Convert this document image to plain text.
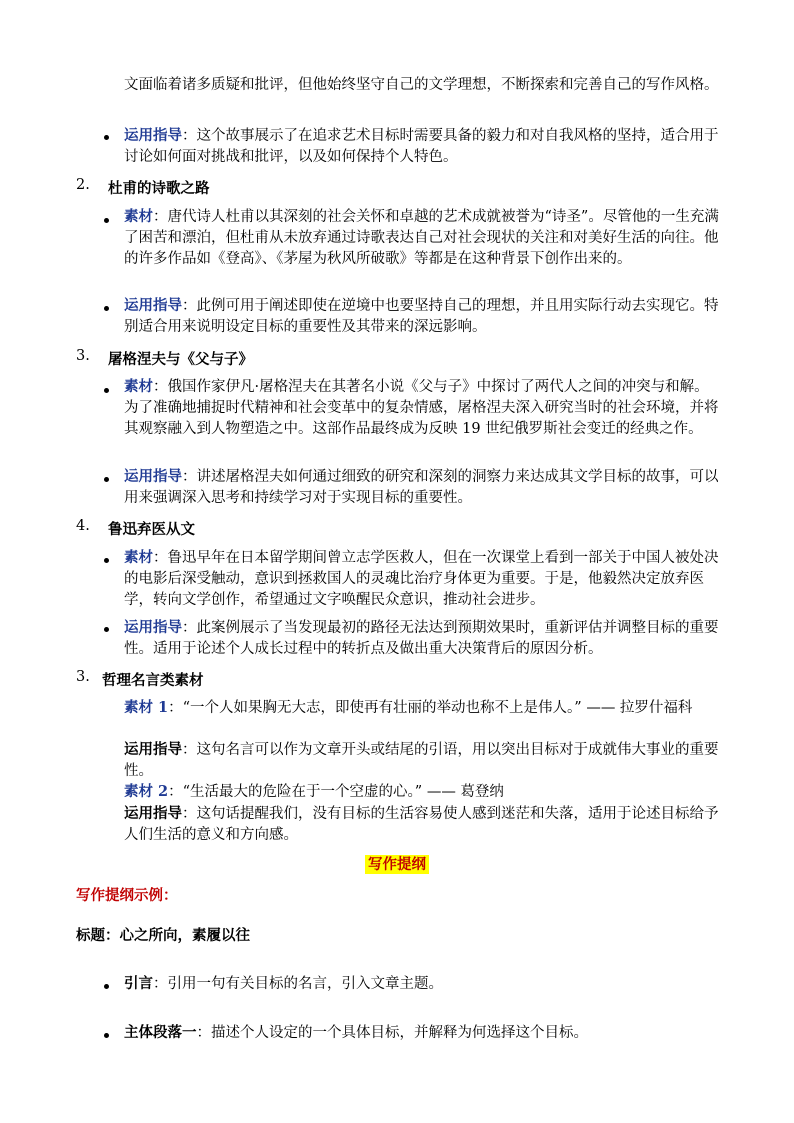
文面临着诸多质疑和批评，但他始终坚守自己的文学理想，不断探索和完善自己的写作风格。
运用指导：这个故事展示了在追求艺术目标时需要具备的毅力和对自我风格的坚持，适合用于讨论如何面对挑战和批评，以及如何保持个人特色。
2. 杜甫的诗歌之路
素材：唐代诗人杜甫以其深刻的社会关怀和卓越的艺术成就被誉为“诗圣”。尽管他的一生充满了困苦和漂泊，但杜甫从未放弃通过诗歌表达自己对社会现状的关注和对美好生活的向往。他的许多作品如《登高》、《茅屋为秋风所破歌》等都是在这种背景下创作出来的。
运用指导：此例可用于阐述即使在逆境中也要坚持自己的理想，并且用实际行动去实现它。特别适合用来说明设定目标的重要性及其带来的深远影响。
3. 屠格涅夫与《父与子》
素材：俄国作家伊凡·屠格涅夫在其著名小说《父与子》中探讨了两代人之间的冲突与和解。为了准确地捕捉时代精神和社会变革中的复杂情感，屠格涅夫深入研究当时的社会环境，并将其观察融入到人物塑造之中。这部作品最终成为反映 19 世纪俄罗斯社会变迁的经典之作。
运用指导：讲述屠格涅夫如何通过细致的研究和深刻的洞察力来达成其文学目标的故事，可以用来强调深入思考和持续学习对于实现目标的重要性。
4. 鲁迅弃医从文
素材：鲁迅早年在日本留学期间曾立志学医救人，但在一次课堂上看到一部关于中国人被处决的电影后深受触动，意识到拯救国人的灵魂比治疗身体更为重要。于是，他毅然决定放弃医学，转向文学创作，希望通过文字唤醒民众意识，推动社会进步。
运用指导：此案例展示了当发现最初的路径无法达到预期效果时，重新评估并调整目标的重要性。适用于论述个人成长过程中的转折点及做出重大决策背后的原因分析。
3. 哲理名言类素材
素材 1：“一个人如果胸无大志，即使再有壮丽的举动也称不上是伟人。” —— 拉罗什福科
运用指导：这句名言可以作为文章开头或结尾的引语，用以突出目标对于成就伟大事业的重要性。
素材 2：“生活最大的危险在于一个空虚的心。” —— 葛登纳
运用指导：这句话提醒我们，没有目标的生活容易使人感到迷茫和失落，适用于论述目标给予人们生活的意义和方向感。
写作提纲
写作提纲示例：
标题：心之所向，素履以往
引言：引用一句有关目标的名言，引入文章主题。
主体段落一：描述个人设定的一个具体目标，并解释为何选择这个目标。
